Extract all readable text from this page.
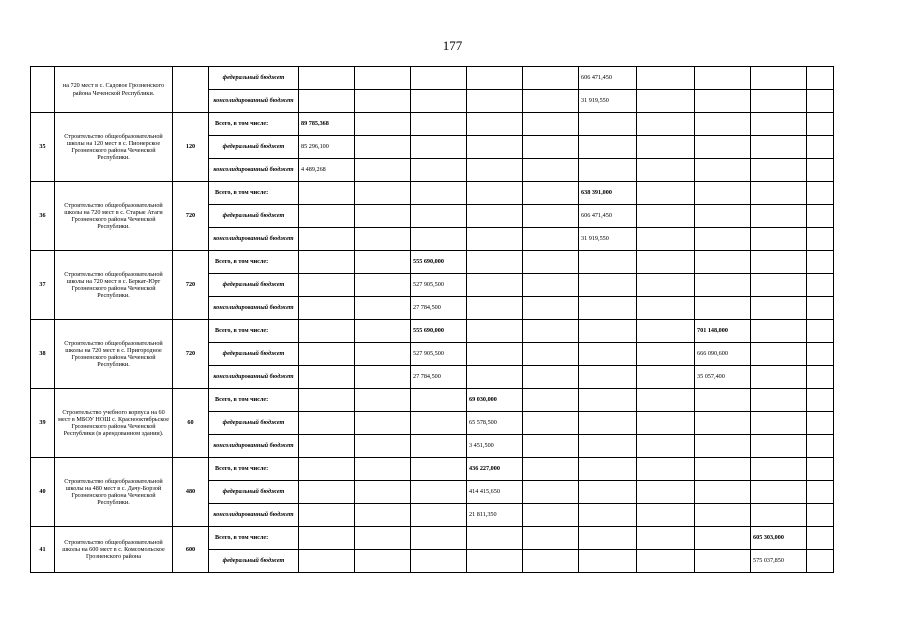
177
	на 720 мест в с. Садовое Грозненского района Чеченской Республики.		федеральный бюджет						606 471,450				
			консолидированный бюджет						31 919,550				
35	Строительство общеобразовательной школы на 120 мест в с. Пионерское Грозненского района Чеченской Республики.	120	Всего, в том числе:	89 785,368									
			федеральный бюджет	85 296,100									
			консолидированный бюджет	4 489,268									
36	Строительство общеобразовательной школы на 720 мест в с. Старые Атаги Грозненского района Чеченской Республики.	720	Всего, в том числе:						638 391,000				
			федеральный бюджет						606 471,450				
			консолидированный бюджет						31 919,550				
37	Строительство общеобразовательной школы на 720 мест в с. Беркат-Юрт Грозненского района Чеченской Республики.	720	Всего, в том числе:			555 690,000							
			федеральный бюджет			527 905,500							
			консолидированный бюджет			27 784,500							
38	Строительство общеобразовательной школы на 720 мест в с. Пригородное Грозненского района Чеченской Республики.	720	Всего, в том числе:			555 690,000					701 148,000		
			федеральный бюджет			527 905,500					666 090,600		
			консолидированный бюджет			27 784,500					35 057,400		
39	Строительство учебного корпуса на 60 мест в МБОУ НОШ с. Краснооктябрьское Грозненского района Чеченской Республики (в арендованном здании).	60	Всего, в том числе:				69 030,000						
			федеральный бюджет				65 578,500						
			консолидированный бюджет				3 451,500						
40	Строительство общеобразовательной школы на 480 мест в с. Дачу-Борзой Грозненского района Чеченской Республики.	480	Всего, в том числе:				436 227,000						
			федеральный бюджет				414 415,650						
			консолидированный бюджет				21 811,350						
41	Строительство общеобразовательной школы на 600 мест в с. Комсомольское Грозненского района	600	Всего, в том числе:									605 303,000	
			федеральный бюджет									575 037,850	
